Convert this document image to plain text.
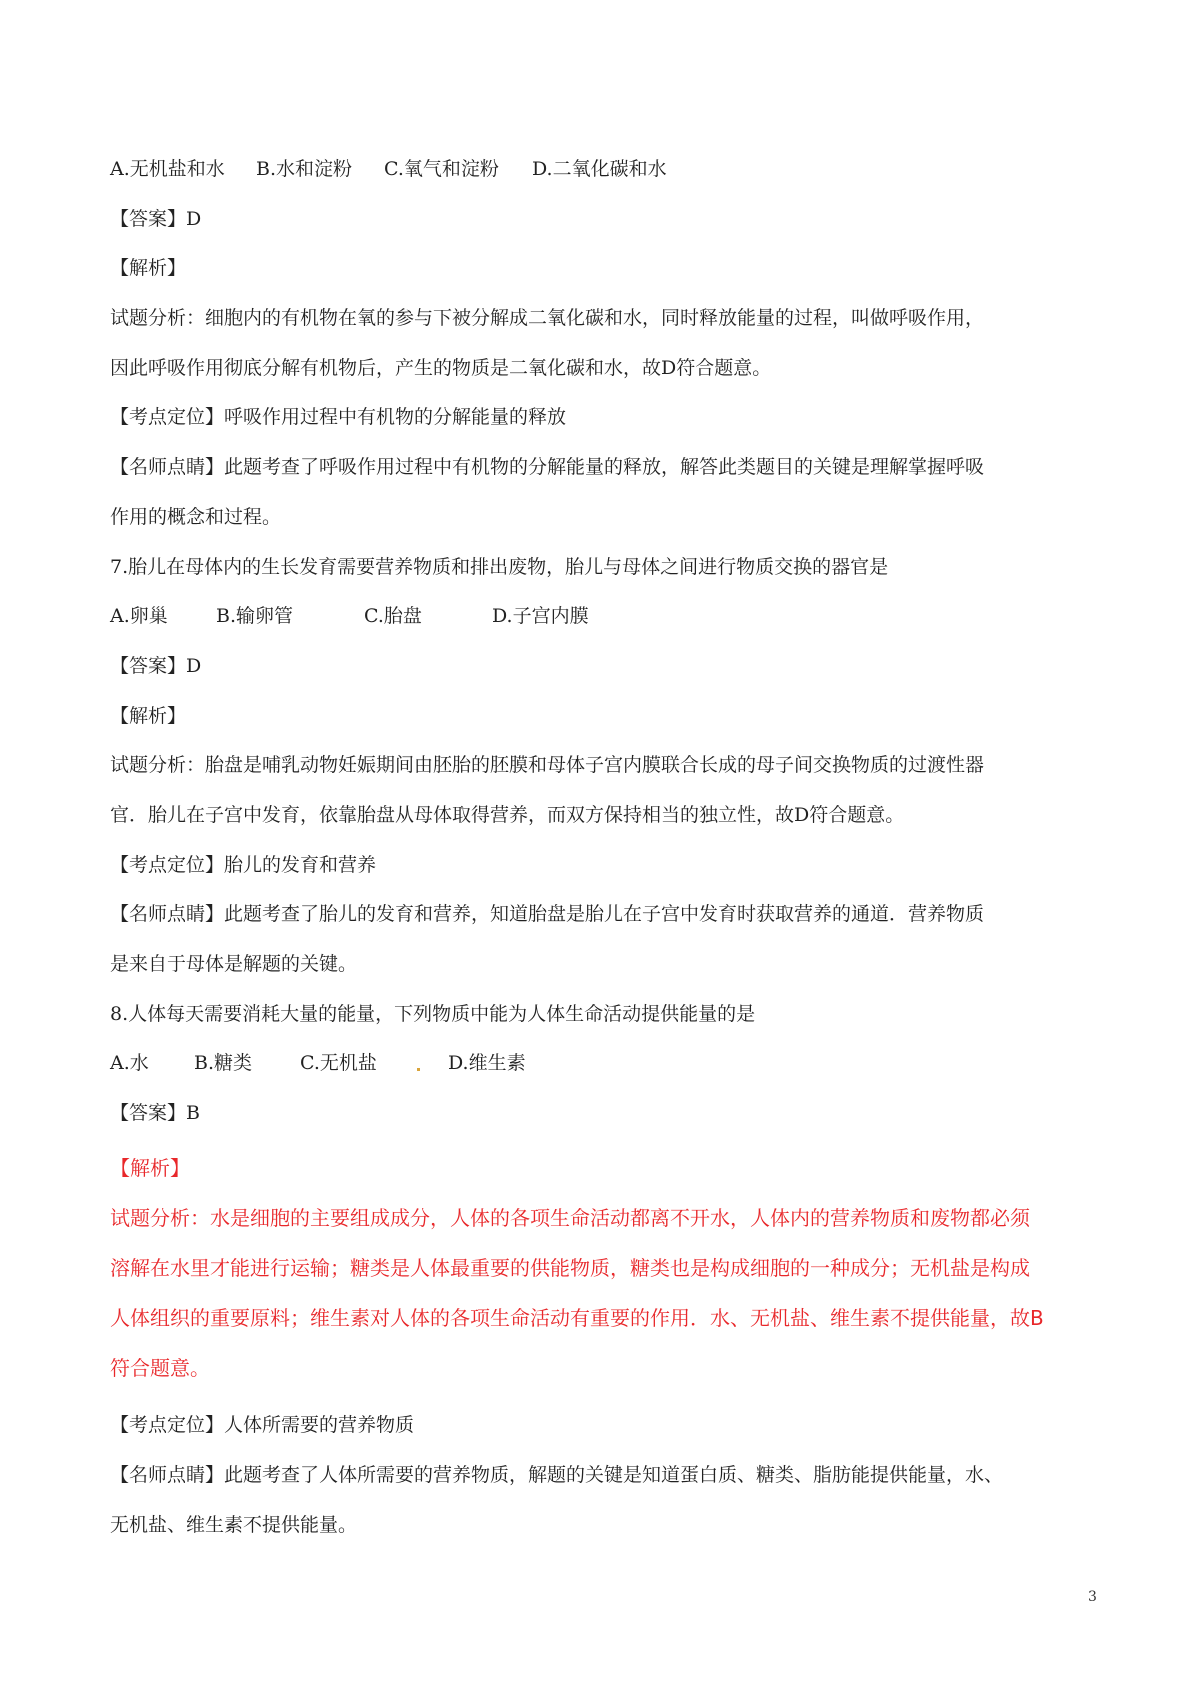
A.无机盐和水 B.水和淀粉 C.氧气和淀粉 D.二氧化碳和水
【答案】D
【解析】
试题分析：细胞内的有机物在氧的参与下被分解成二氧化碳和水，同时释放能量的过程，叫做呼吸作用，
因此呼吸作用彻底分解有机物后，产生的物质是二氧化碳和水，故D符合题意。
【考点定位】呼吸作用过程中有机物的分解能量的释放
【名师点睛】此题考查了呼吸作用过程中有机物的分解能量的释放，解答此类题目的关键是理解掌握呼吸
作用的概念和过程。
7.胎儿在母体内的生长发育需要营养物质和排出废物，胎儿与母体之间进行物质交换的器官是
A.卵巢	B.输卵管	C.胎盘	D.子宫内膜
【答案】D
【解析】
试题分析：胎盘是哺乳动物妊娠期间由胚胎的胚膜和母体子宫内膜联合长成的母子间交换物质的过渡性器
官．胎儿在子宫中发育，依靠胎盘从母体取得营养，而双方保持相当的独立性，故D符合题意。
【考点定位】胎儿的发育和营养
【名师点睛】此题考查了胎儿的发育和营养，知道胎盘是胎儿在子宫中发育时获取营养的通道．营养物质
是来自于母体是解题的关键。
8.人体每天需要消耗大量的能量，下列物质中能为人体生命活动提供能量的是
A.水 B.糖类	C.无机盐	D.维生素
【答案】B
【解析】
试题分析：水是细胞的主要组成成分，人体的各项生命活动都离不开水，人体内的营养物质和废物都必须
溶解在水里才能进行运输；糖类是人体最重要的供能物质，糖类也是构成细胞的一种成分；无机盐是构成
人体组织的重要原料；维生素对人体的各项生命活动有重要的作用．水、无机盐、维生素不提供能量，故B
符合题意。
【考点定位】人体所需要的营养物质
【名师点睛】此题考查了人体所需要的营养物质，解题的关键是知道蛋白质、糖类、脂肪能提供能量，水、
无机盐、维生素不提供能量。
3
